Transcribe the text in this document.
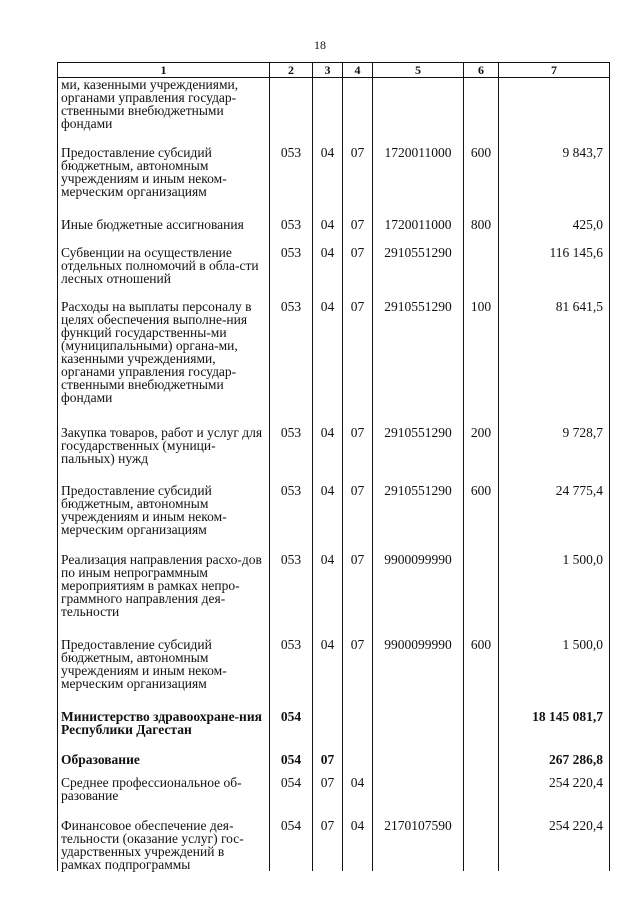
18
1	2	3	4	5	6	7
ми, казенными учреждениями, органами управления государ-ственными внебюджетными фондами						
Предоставление субсидий бюджетным, автономным учреждениям и иным неком-мерческим организациям	053	04	07	1720011000	600	9 843,7
Иные бюджетные ассигнования	053	04	07	1720011000	800	425,0
Субвенции на осуществление отдельных полномочий в обла-сти лесных отношений	053	04	07	2910551290		116 145,6
Расходы на выплаты персоналу в целях обеспечения выполне-ния функций государственны-ми (муниципальными) органа-ми, казенными учреждениями, органами управления государ-ственными внебюджетными фондами	053	04	07	2910551290	100	81 641,5
Закупка товаров, работ и услуг для государственных (муници-пальных) нужд	053	04	07	2910551290	200	9 728,7
Предоставление субсидий бюджетным, автономным учреждениям и иным неком-мерческим организациям	053	04	07	2910551290	600	24 775,4
Реализация направления расхо-дов по иным непрограммным мероприятиям в рамках непро-граммного направления дея-тельности	053	04	07	9900099990		1 500,0
Предоставление субсидий бюджетным, автономным учреждениям и иным неком-мерческим организациям	053	04	07	9900099990	600	1 500,0
Министерство здравоохране-ния Республики Дагестан	054					18 145 081,7
Образование	054	07				267 286,8
Среднее профессиональное об-разование	054	07	04			254 220,4
Финансовое обеспечение дея-тельности (оказание услуг) гос-ударственных учреждений в рамках подпрограммы	054	07	04	2170107590		254 220,4
